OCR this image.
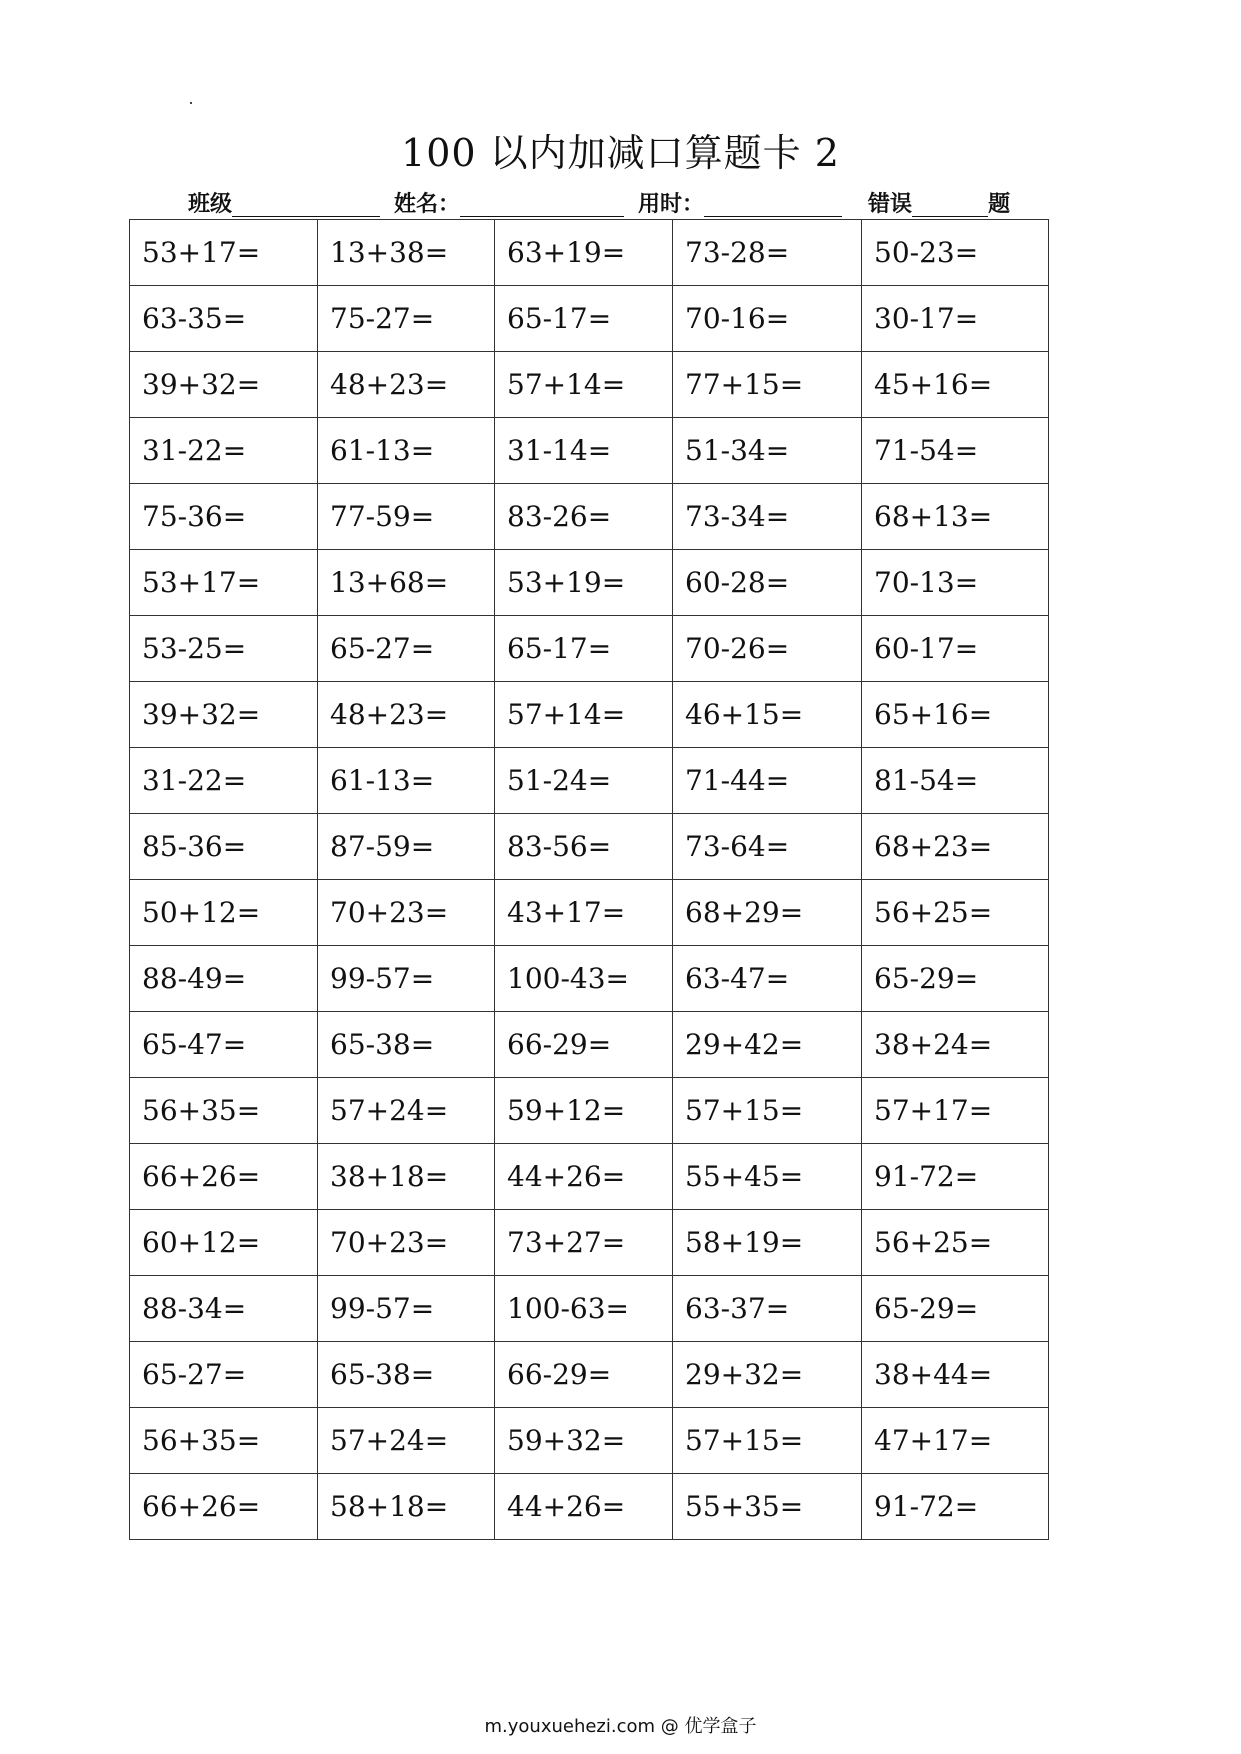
100 以内加减口算题卡 2
班级	姓名：	用时：	错误	题
53+17=	13+38=	63+19=	73-28=	50-23=
63-35=	75-27=	65-17=	70-16=	30-17=
39+32=	48+23=	57+14=	77+15=	45+16=
31-22=	61-13=	31-14=	51-34=	71-54=
75-36=	77-59=	83-26=	73-34=	68+13=
53+17=	13+68=	53+19=	60-28=	70-13=
53-25=	65-27=	65-17=	70-26=	60-17=
39+32=	48+23=	57+14=	46+15=	65+16=
31-22=	61-13=	51-24=	71-44=	81-54=
85-36=	87-59=	83-56=	73-64=	68+23=
50+12=	70+23=	43+17=	68+29=	56+25=
88-49=	99-57=	100-43=	63-47=	65-29=
65-47=	65-38=	66-29=	29+42=	38+24=
56+35=	57+24=	59+12=	57+15=	57+17=
66+26=	38+18=	44+26=	55+45=	91-72=
60+12=	70+23=	73+27=	58+19=	56+25=
88-34=	99-57=	100-63=	63-37=	65-29=
65-27=	65-38=	66-29=	29+32=	38+44=
56+35=	57+24=	59+32=	57+15=	47+17=
66+26=	58+18=	44+26=	55+35=	91-72=
m.youxuehezi.com @ 优学盒子
